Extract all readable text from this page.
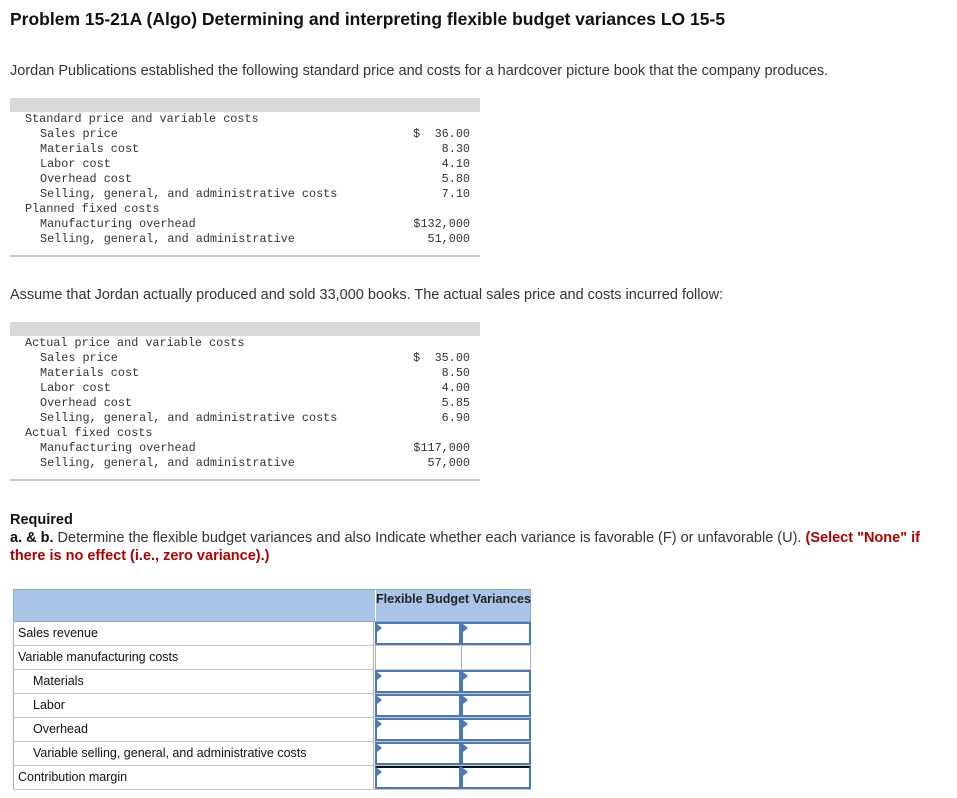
Problem 15-21A (Algo) Determining and interpreting flexible budget variances LO 15-5
Jordan Publications established the following standard price and costs for a hardcover picture book that the company produces.
Standard price and variable costs
Sales price	$ 36.00
Materials cost	8.30
Labor cost	4.10
Overhead cost	5.80
Selling, general, and administrative costs	7.10
Planned fixed costs
Manufacturing overhead	$132,000
Selling, general, and administrative	51,000
Assume that Jordan actually produced and sold 33,000 books. The actual sales price and costs incurred follow:
Actual price and variable costs
Sales price	$ 35.00
Materials cost	8.50
Labor cost	4.00
Overhead cost	5.85
Selling, general, and administrative costs	6.90
Actual fixed costs
Manufacturing overhead	$117,000
Selling, general, and administrative	57,000
Required
a. & b. Determine the flexible budget variances and also Indicate whether each variance is favorable (F) or unfavorable (U). (Select "None" if there is no effect (i.e., zero variance).)
Flexible Budget Variances
Sales revenue
Variable manufacturing costs
Materials
Labor
Overhead
Variable selling, general, and administrative costs
Contribution margin
